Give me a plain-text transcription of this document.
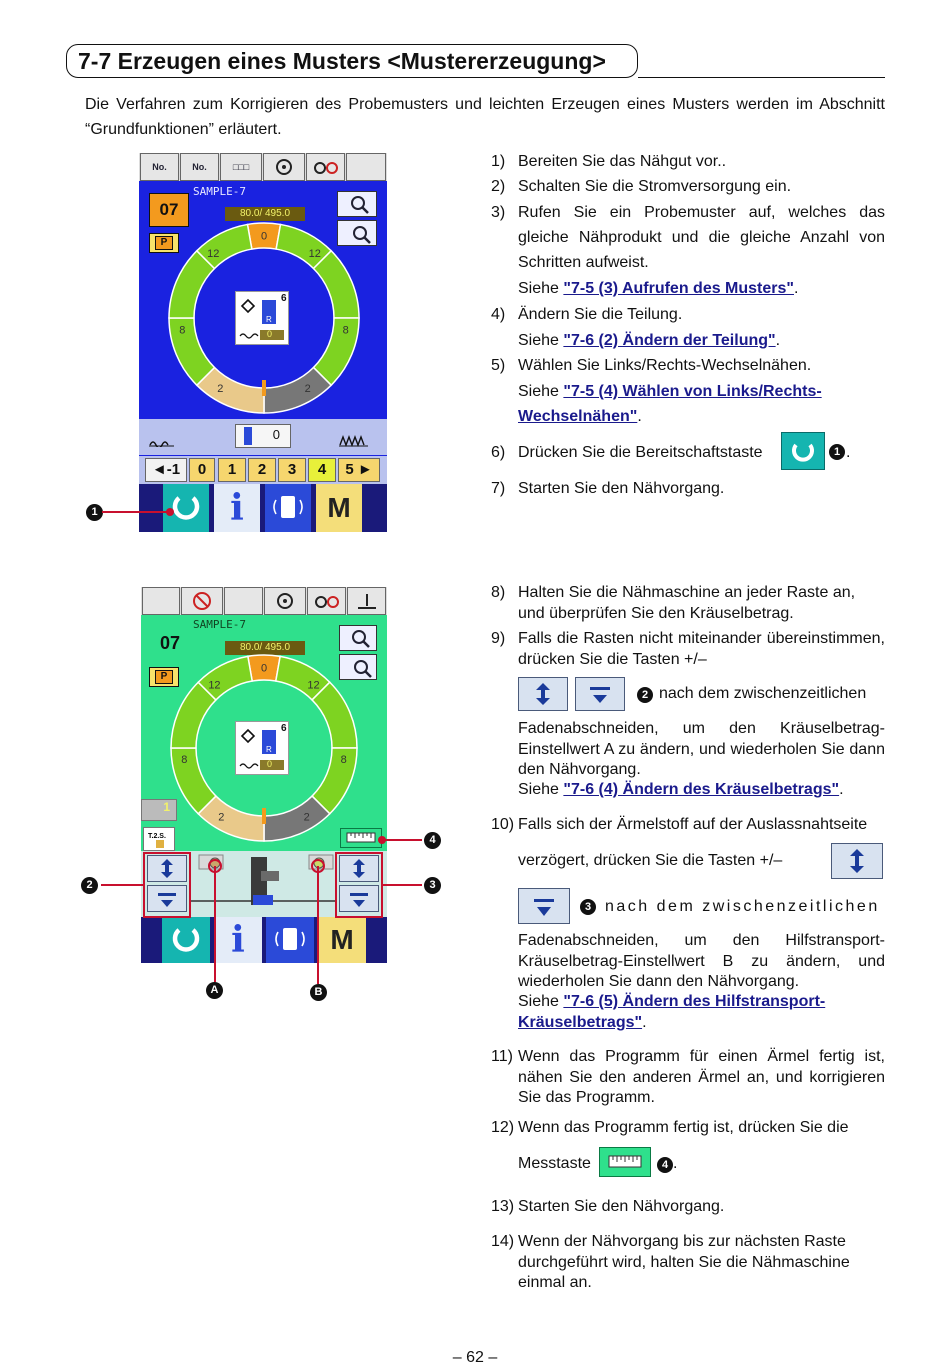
7-7 Erzeugen eines Musters <Mustererzeugung>
Die Verfahren zum Korrigieren des Probemusters und leichten Erzeugen eines Musters werden im Abschnitt “Grundfunktionen” erläutert.
1) Bereiten Sie das Nähgut vor..
2) Schalten Sie die Stromversorgung ein.
3) Rufen Sie ein Probemuster auf, welches das gleiche Nähprodukt und die gleiche Anzahl von Schritten aufweist.
Siehe "7-5 (3) Aufrufen des Musters".
4) Ändern Sie die Teilung.
Siehe "7-6 (2) Ändern der Teilung".
5) Wählen Sie Links/Rechts-Wechselnähen.
Siehe "7-5 (4) Wählen von Links/Rechts-Wechselnähen".
6) Drücken Sie die Bereitschaftstaste	1 .
7) Starten Sie den Nähvorgang.
No.	No.	□□□
07
SAMPLE-7
80.0/ 495.0
P	0
12	12
8	8
2	2
R
6
0
0
◄-1	0	1	2	3	4	5 ►
i	M
1
8) Halten Sie die Nähmaschine an jeder Raste an, und überprüfen Sie den Kräuselbetrag.
9) Falls die Rasten nicht miteinander übereinstimmen, drücken Sie die Tasten +/–
2 nach dem zwischenzeitlichen
Fadenabschneiden, um den Kräuselbetrag-Einstellwert A zu ändern, und wiederholen Sie dann den Nähvorgang.
Siehe "7-6 (4) Ändern des Kräuselbetrags".
10) Falls sich der Ärmelstoff auf der Auslassnahtseite
verzögert, drücken Sie die Tasten +/–
3 nach dem zwischenzeitlichen
Fadenabschneiden, um den Hilfstransport-Kräuselbetrag-Einstellwert B zu ändern, und wiederholen Sie dann den Nähvorgang.
Siehe "7-6 (5) Ändern des Hilfstransport-Kräuselbetrags".
11) Wenn das Programm für einen Ärmel fertig ist, nähen Sie den anderen Ärmel an, und korrigieren Sie das Programm.
12) Wenn das Programm fertig ist, drücken Sie die
Messtaste	4 .
13) Starten Sie den Nähvorgang.
14) Wenn der Nähvorgang bis zur nächsten Raste durchgeführt wird, halten Sie die Nähmaschine einmal an.
SAMPLE-7
07	80.0/ 495.0
P
0
12	12
8	8
2	2
R
6
0
1
T.2.S.
i	M
2	3
4
A	B
– 62 –
